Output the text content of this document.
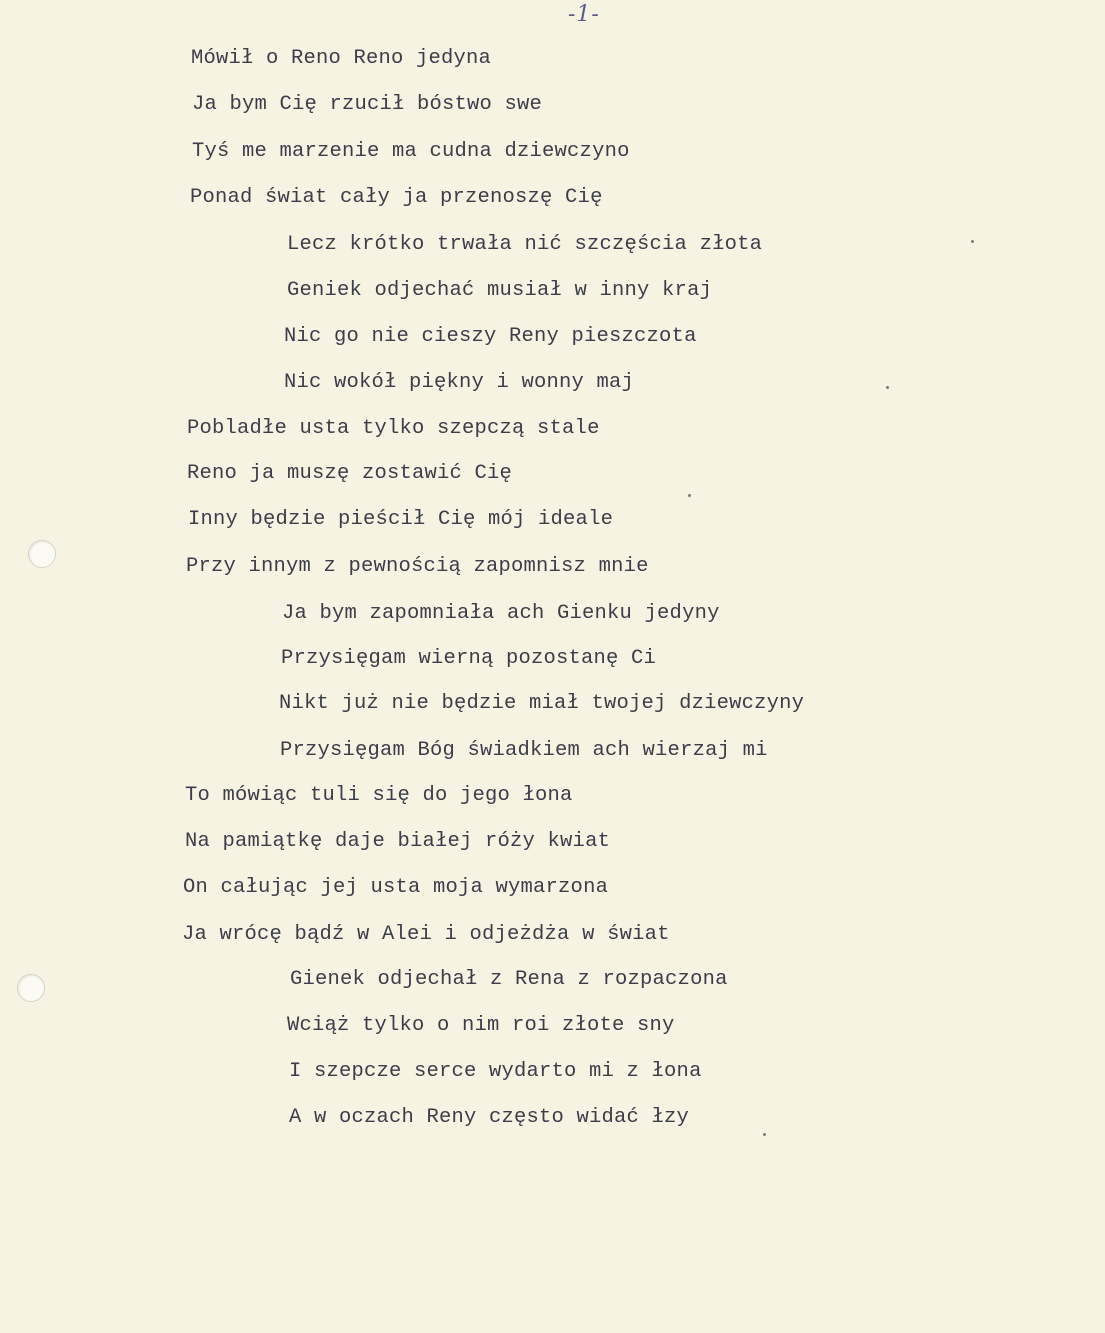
-1-
Mówił o Reno Reno jedyna
Ja bym Cię rzucił bóstwo swe
Tyś me marzenie ma cudna dziewczyno
Ponad świat cały ja przenoszę Cię
Lecz krótko trwała nić szczęścia złota
Geniek odjechać musiał w inny kraj
Nic go nie cieszy Reny pieszczota
Nic wokół piękny i wonny maj
Pobladłe usta tylko szepczą stale
Reno ja muszę zostawić Cię
Inny będzie pieścił Cię mój ideale
Przy innym z pewnością zapomnisz mnie
Ja bym zapomniała ach Gienku jedyny
Przysięgam wierną pozostanę Ci
Nikt już nie będzie miał twojej dziewczyny
Przysięgam Bóg świadkiem ach wierzaj mi
To mówiąc tuli się do jego łona
Na pamiątkę daje białej róży kwiat
On całując jej usta moja wymarzona
Ja wrócę bądź w Alei i odjeżdża w świat
Gienek odjechał z Rena z rozpaczona
Wciąż tylko o nim roi złote sny
I szepcze serce wydarto mi z łona
A w oczach Reny często widać łzy
